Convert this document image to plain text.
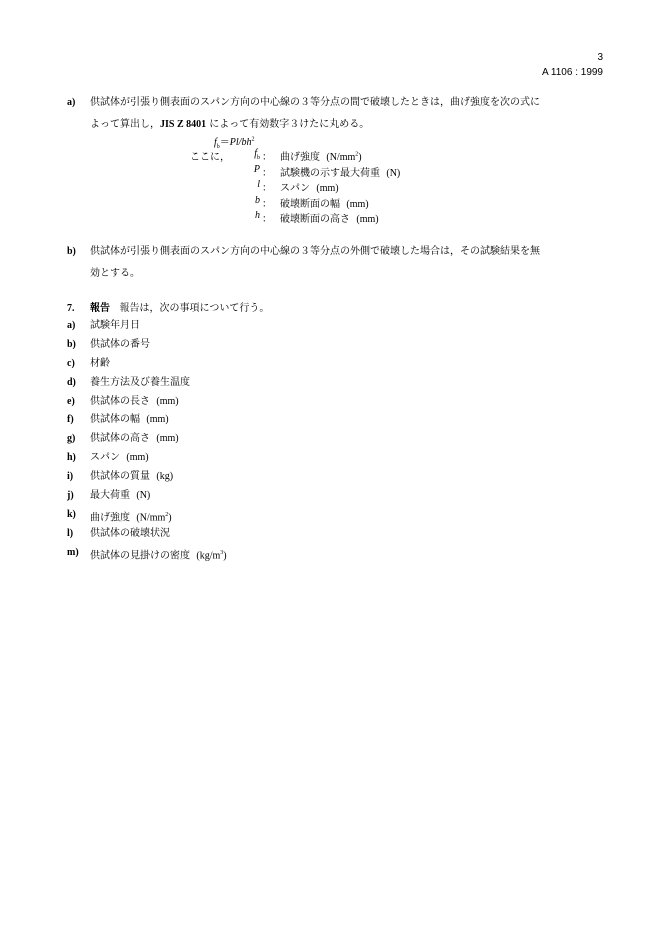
3
A 1106 : 1999
a) 供試体が引張り側表面のスパン方向の中心線の３等分点の間で破壊したときは，曲げ強度を次の式に
よって算出し，JIS Z 8401 によって有効数字３けたに丸める。
$f_b=Pl/bh^2$
ここに，	$f_b$ ： 曲げ強度 $(N/mm^2)$
P ： 試験機の示す最大荷重 (N)
l ： スパン (mm)
b ： 破壊断面の幅 (mm)
h ： 破壊断面の高さ (mm)
b) 供試体が引張り側表面のスパン方向の中心線の３等分点の外側で破壊した場合は，その試験結果を無
効とする。
7. 報告 報告は，次の事項について行う。
a) 試験年月日
b) 供試体の番号
c) 材齢
d) 養生方法及び養生温度
e) 供試体の長さ (mm)
f) 供試体の幅 (mm)
g) 供試体の高さ (mm)
h) スパン (mm)
i) 供試体の質量 (kg)
j) 最大荷重 (N)
k) 曲げ強度 $(N/mm^2)$
l) 供試体の破壊状況
m) 供試体の見掛けの密度 $(kg/m^3)$
